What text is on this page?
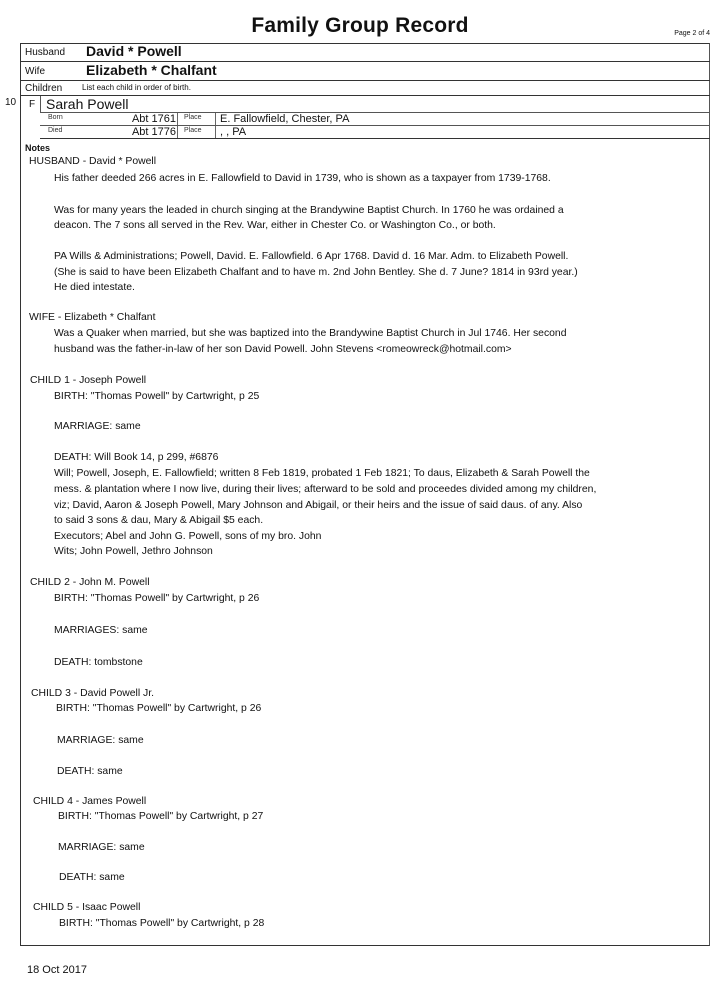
Family Group Record	Page 2 of 4
Husband David * Powell
Wife	Elizabeth * Chalfant
Children List each child in order of birth.
10 F Sarah Powell
Born	Abt 1761 Place E. Fallowfield, Chester, PA
Died	Abt 1776 Place , , PA
Notes
HUSBAND - David * Powell
His father deeded 266 acres in E. Fallowfield to David in 1739, who is shown as a taxpayer from 1739-1768.
Was for many years the leaded in church singing at the Brandywine Baptist Church. In 1760 he was ordained a
deacon. The 7 sons all served in the Rev. War, either in Chester Co. or Washington Co., or both.
PA Wills & Administrations; Powell, David. E. Fallowfield. 6 Apr 1768. David d. 16 Mar. Adm. to Elizabeth Powell.
(She is said to have been Elizabeth Chalfant and to have m. 2nd John Bentley. She d. 7 June? 1814 in 93rd year.)
He died intestate.
WIFE - Elizabeth * Chalfant
Was a Quaker when married, but she was baptized into the Brandywine Baptist Church in Jul 1746. Her second
husband was the father-in-law of her son David Powell. John Stevens <romeowreck@hotmail.com>
CHILD 1 - Joseph Powell
BIRTH: "Thomas Powell" by Cartwright, p 25
MARRIAGE: same
DEATH: Will Book 14, p 299, #6876
Will; Powell, Joseph, E. Fallowfield; written 8 Feb 1819, probated 1 Feb 1821; To daus, Elizabeth & Sarah Powell the
mess. & plantation where I now live, during their lives; afterward to be sold and proceedes divided among my children,
viz; David, Aaron & Joseph Powell, Mary Johnson and Abigail, or their heirs and the issue of said daus. of any. Also
to said 3 sons & dau, Mary & Abigail $5 each.
Executors; Abel and John G. Powell, sons of my bro. John
Wits; John Powell, Jethro Johnson
CHILD 2 - John M. Powell
BIRTH: "Thomas Powell" by Cartwright, p 26
MARRIAGES: same
DEATH: tombstone
CHILD 3 - David Powell Jr.
BIRTH: "Thomas Powell" by Cartwright, p 26
MARRIAGE: same
DEATH: same
CHILD 4 - James Powell
BIRTH: "Thomas Powell" by Cartwright, p 27
MARRIAGE: same
DEATH: same
CHILD 5 - Isaac Powell
BIRTH: "Thomas Powell" by Cartwright, p 28
18 Oct 2017
